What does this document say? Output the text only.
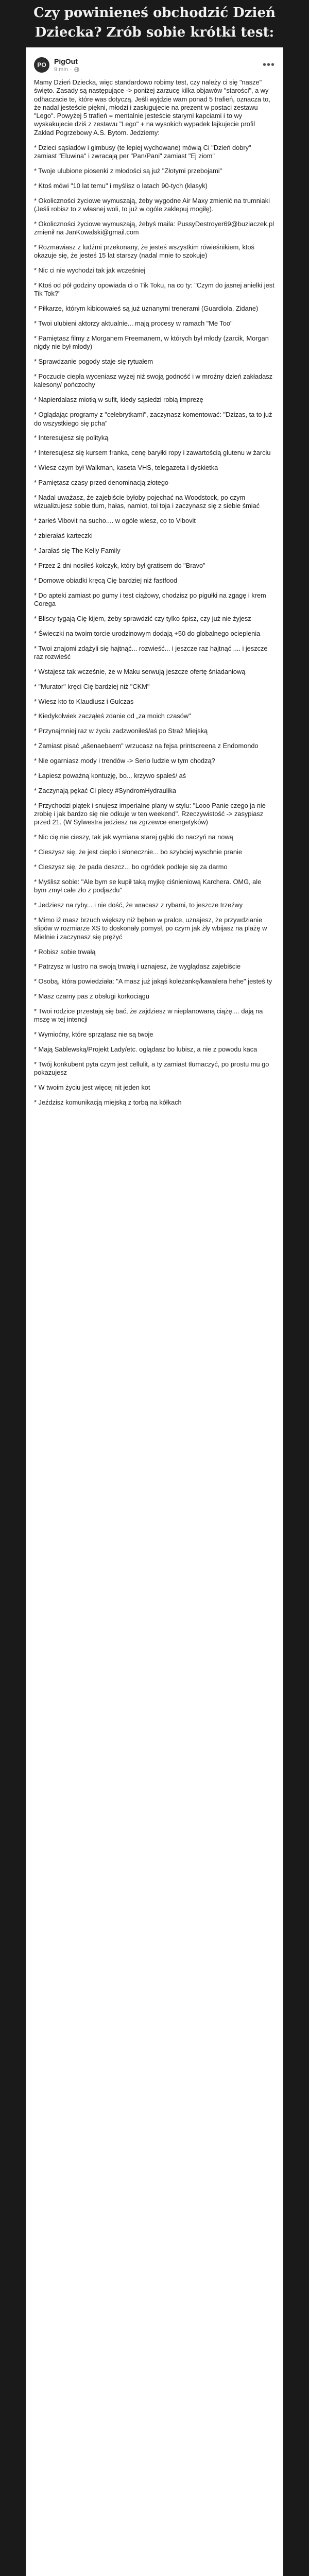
Czy powinieneś obchodzić Dzień Dziecka? Zrób sobie krótki test:
PO	PigOut
9 min ·	•••

Mamy Dzień Dziecka, więc standardowo robimy test, czy należy ci się "nasze" święto. Zasady są następujące -> poniżej zarzucę kilka objawów "starości", a wy odhaczacie te, które was dotyczą. Jeśli wyjdzie wam ponad 5 trafień, oznacza to, że nadal jesteście piękni, młodzi i zasługujecie na prezent w postaci zestawu "Lego". Powyżej 5 trafień = mentalnie jesteście starymi kapciami i to wy wyskakujecie dziś z zestawu "Lego" + na wysokich wypadek lajkujecie profil Zakład Pogrzebowy A.S. Bytom. Jedziemy:

* Dzieci sąsiadów i gimbusy (te lepiej wychowane) mówią Ci "Dzień dobry" zamiast "Eluwina" i zwracają per "Pan/Pani" zamiast "Ej ziom"

* Twoje ulubione piosenki z młodości są już "Złotymi przebojami"

* Ktoś mówi "10 lat temu" i myślisz o latach 90-tych (klasyk)

* Okoliczności życiowe wymuszają, żeby wygodne Air Maxy zmienić na trumniaki (Jeśli robisz to z własnej woli, to już w ogóle zaklepuj mogiłę).

* Okoliczności życiowe wymuszają, żebyś maila: PussyDestroyer69@buziaczek.pl zmienił na JanKowalski@gmail.com

* Rozmawiasz z ludźmi przekonany, że jesteś wszystkim rówieśnikiem, ktoś okazuje się, że jesteś 15 lat starszy (nadal mnie to szokuje)

* Nic ci nie wychodzi tak jak wcześniej

* Ktoś od pół godziny opowiada ci o Tik Toku, na co ty: "Czym do jasnej anielki jest Tik Tok?"

* Piłkarze, którym kibicowałeś są już uznanymi trenerami (Guardiola, Zidane)

* Twoi ulubieni aktorzy aktualnie... mają procesy w ramach "Me Too"

* Pamiętasz filmy z Morganem Freemanem, w których był młody (zarcik, Morgan nigdy nie był młody)

* Sprawdzanie pogody staje się rytuałem

* Poczucie ciepła wyceniasz wyżej niż swoją godność i w mroźny dzień zakładasz kalesony/ pończochy

* Napierdalasz miotłą w sufit, kiedy sąsiedzi robią imprezę

* Oglądając programy z "celebrytkami", zaczynasz komentować: "Dzizas, ta to już do wszystkiego się pcha"

* Interesujesz się polityką

* Interesujesz się kursem franka, cenę baryłki ropy i zawartością glutenu w żarciu

* Wiesz czym był Walkman, kaseta VHS, telegazeta i dyskietka

* Pamiętasz czasy przed denominacją złotego

* Nadal uważasz, że zajebiście byłoby pojechać na Woodstock, po czym wizualizujesz sobie tłum, hałas, namiot, toi toja i zaczynasz się z siebie śmiać

* żarłeś Vibovit na sucho.... w ogóle wiesz, co to Vibovit

* zbierałaś karteczki

* Jarałaś się The Kelly Family

* Przez 2 dni nosiłeś kołczyk, który był gratisem do "Bravo"

* Domowe obiadki kręcą Cię bardziej niż fastfood

* Do apteki zamiast po gumy i test ciążowy, chodzisz po pigułki na zgagę i krem Coregа

* Bliscy tygają Cię kijem, żeby sprawdzić czy tylko śpisz, czy już nie żyjesz

* Świeczki na twoim torcie urodzinowym dodają +50 do globalnego ocieplenia

* Twoi znajomi zdążyli się hajtnąć... rozwieść... i jeszcze raz hajtnąć .... i jeszcze raz rozwieść

* Wstajesz tak wcześnie, że w Maku serwują jeszcze ofertę śniadaniową

* "Murator" kręci Cię bardziej niż "CKM"

* Wiesz kto to Klaudiusz i Gulczas

* Kiedykolwiek zacząłeś zdanie od „za moich czasów"

* Przynajmniej raz w życiu zadzwoniłeś/aś po Straż Miejską

* Zamiast pisać „ašenaebaem" wrzucasz na fejsa printscreena z Endomondo

* Nie ogarniasz mody i trendów -> Serio ludzie w tym chodzą?

* Łapiesz poważną kontuzję, bo... krzywo spałeś/ aś

* Zaczynają pękać Ci plecy #SyndromHydraulika

* Przychodzi piątek i snujesz imperialne plany w stylu: "Looo Panie czego ja nie zrobię i jak bardzo się nie odkuje w ten weekend". Rzeczywistość -> zasypiasz przed 21. (W Sylwestra jedziesz na zgrzewce energetyków)

* Nic cię nie cieszy, tak jak wymiana starej gąbki do naczyń na nową

* Cieszysz się, że jest ciepło i słonecznie... bo szybciej wyschnie pranie

* Cieszysz się, że pada deszcz... bo ogródek podleje się za darmo

* Myślisz sobie: "Ale bym se kupił taką myjkę ciśnieniową Karchera. OMG, ale bym zmył całe zło z podjazdu"

* Jedziesz na ryby... i nie dość, że wracasz z rybami, to jeszcze trzeźwy

* Mimo iż masz brzuch większy niż bęben w pralce, uznajesz, że przywdzianie slipów w rozmiarze XS to doskonały pomysł, po czym jak żły wbijasz na plażę w Mielnie i zaczynasz się prężyć

* Robisz sobie trwałą

* Patrzysz w lustro na swoją trwałą i uznajesz, że wyglądasz zajebiście

* Osobą, która powiedziała: "A masz już jakąś koleżankę/kawalera hehe" jesteś ty

* Masz czarny pas z obsługi korkociągu

* Twoi rodzice przestają się bać, że zajdziesz w nieplanowaną ciążę.... dają na mszę w tej intencji

* Wymioćny, które sprzątasz nie są twoje

* Mają Sablewską/Projekt Lady/etc. oglądasz bo lubisz, a nie z powodu kaca

* Twój konkubent pyta czym jest cellulit, a ty zamiast tłumaczyć, po prostu mu go pokazujesz

* W twoim życiu jest więcej nit jeden kot

* Jeździsz komunikacją miejską z torbą na kółkach
